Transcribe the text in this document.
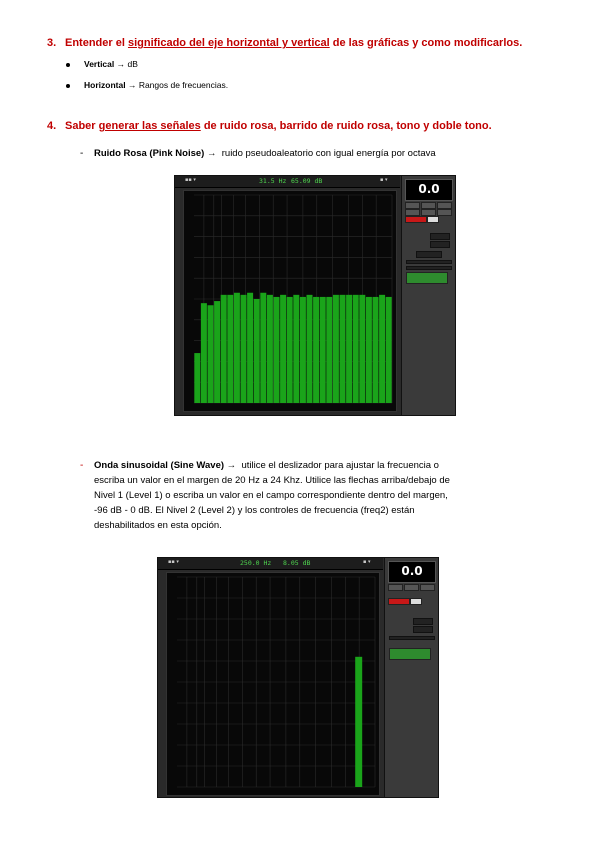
3. Entender el significado del eje horizontal y vertical de las gráficas y como modificarlos.
Vertical → dB
Horizontal → Rangos de frecuencias.
4. Saber generar las señales de ruido rosa, barrido de ruido rosa, tono y doble tono.
- Ruido Rosa (Pink Noise) → ruido pseudoaleatorio con igual energía por octava
▪▪ ▾	31.5 Hz 65.09 dB	▪ ▾
0.0
- Onda sinusoidal (Sine Wave) → utilice el deslizador para ajustar la frecuencia o
escriba un valor en el margen de 20 Hz a 24 Khz. Utilice las flechas arriba/debajo de
Nivel 1 (Level 1) o escriba un valor en el campo correspondiente dentro del margen,
-96 dB - 0 dB. El Nivel 2 (Level 2) y los controles de frecuencia (freq2) están
deshabilitados en esta opción.
▪▪ ▾	250.0 Hz 8.05 dB	▪ ▾
0.0
